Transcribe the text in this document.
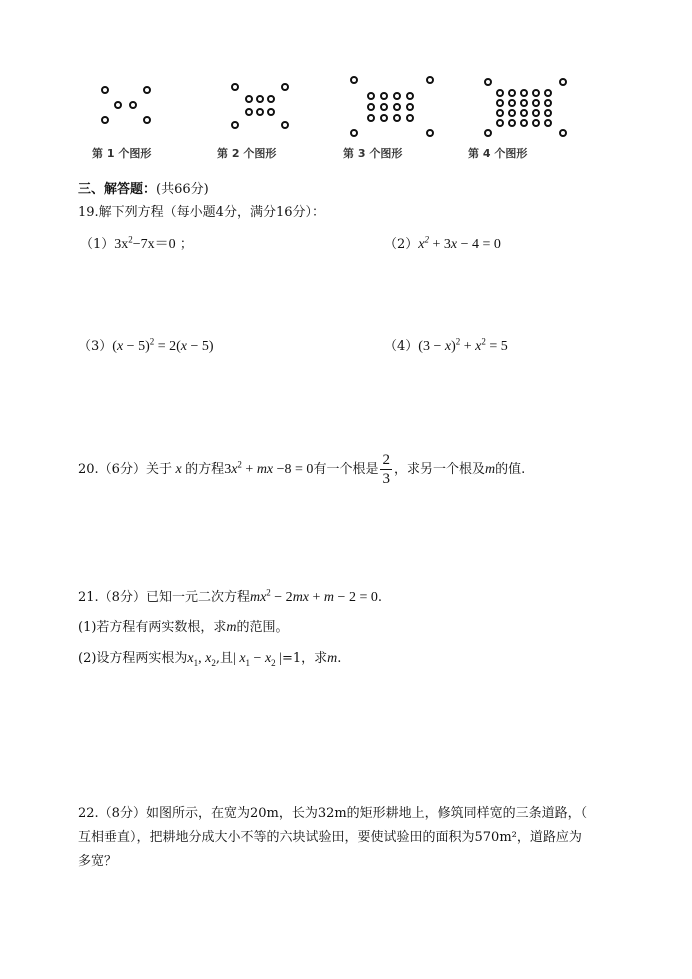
第 1 个图形	第 2 个图形	第 3 个图形	第 4 个图形
三、解答题：(共66分)
19.解下列方程（每小题4分，满分16分）：
$(1)3x^2-7x=0$ ；	$(2)x^2 + 3x - 4 = 0$
$(3)(x - 5)^2 = 2(x - 5)$	$(4)(3 - x)^2 + x^2 = 5$
20.（6分）关于 x 的方程$3x^2$ + mx −8 = 0有一个根是 $\frac{2}{3}$ ，求另一个根及m的值.
21.（8分）已知一元二次方程$mx^2 - 2mx + m - 2 = 0$.
(1)若方程有两实数根，求m的范围。
(2)设方程两实根为$x_1$, $x_2$,且| $x_1 - x_2$ |=1，求m.
22.（8分）如图所示，在宽为20m，长为32m的矩形耕地上，修筑同样宽的三条道路，（
互相垂直），把耕地分成大小不等的六块试验田，要使试验田的面积为570m²，道路应为
多宽？
